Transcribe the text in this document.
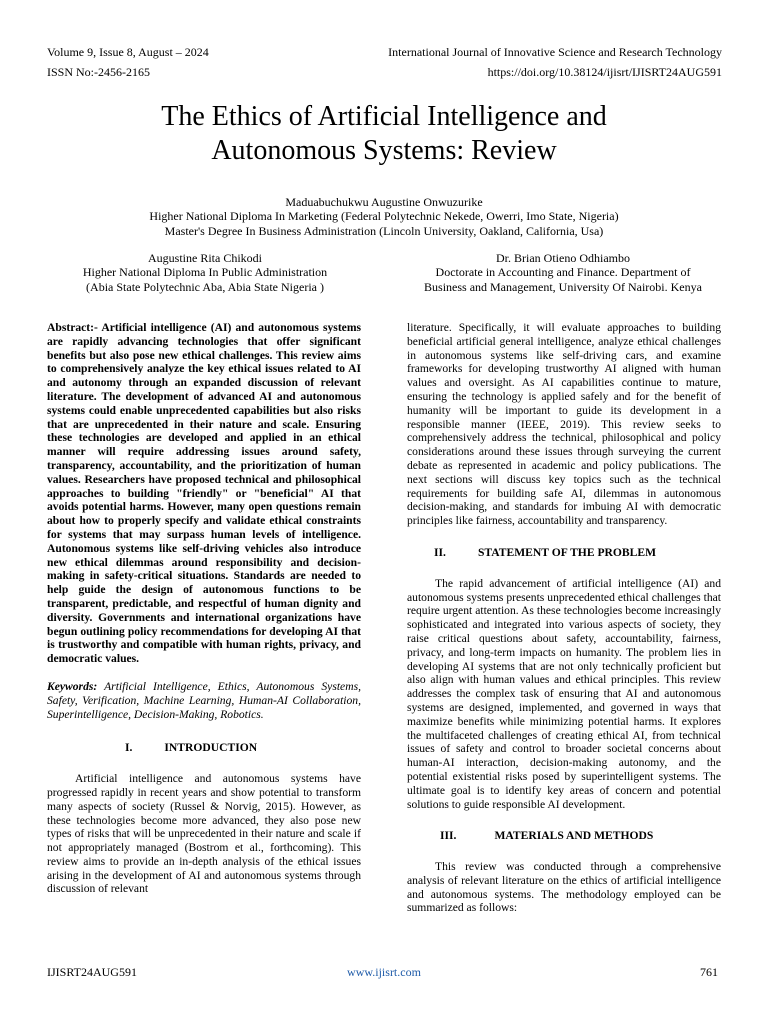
Volume 9, Issue 8, August – 2024	International Journal of Innovative Science and Research Technology
ISSN No:-2456-2165	https://doi.org/10.38124/ijisrt/IJISRT24AUG591
The Ethics of Artificial Intelligence and
Autonomous Systems: Review
Maduabuchukwu Augustine Onwuzurike
Higher National Diploma In Marketing (Federal Polytechnic Nekede, Owerri, Imo State, Nigeria)
Master's Degree In Business Administration (Lincoln University, Oakland, California, Usa)
Augustine Rita Chikodi
Higher National Diploma In Public Administration
(Abia State Polytechnic Aba, Abia State Nigeria )
Dr. Brian Otieno Odhiambo
Doctorate in Accounting and Finance. Department of
Business and Management, University Of Nairobi. Kenya

Abstract:- Artificial intelligence (AI) and autonomous systems are rapidly advancing technologies that offer significant benefits but also pose new ethical challenges. This review aims to comprehensively analyze the key ethical issues related to AI and autonomy through an expanded discussion of relevant literature. The development of advanced AI and autonomous systems could enable unprecedented capabilities but also risks that are unprecedented in their nature and scale. Ensuring these technologies are developed and applied in an ethical manner will require addressing issues around safety, transparency, accountability, and the prioritization of human values. Researchers have proposed technical and philosophical approaches to building "friendly" or "beneficial" AI that avoids potential harms. However, many open questions remain about how to properly specify and validate ethical constraints for systems that may surpass human levels of intelligence. Autonomous systems like self-driving vehicles also introduce new ethical dilemmas around responsibility and decision-making in safety-critical situations. Standards are needed to help guide the design of autonomous functions to be transparent, predictable, and respectful of human dignity and diversity. Governments and international organizations have begun outlining policy recommendations for developing AI that is trustworthy and compatible with human rights, privacy, and democratic values.

Keywords: Artificial Intelligence, Ethics, Autonomous Systems, Safety, Verification, Machine Learning, Human-AI Collaboration, Superintelligence, Decision-Making, Robotics.

I.	INTRODUCTION

Artificial intelligence and autonomous systems have progressed rapidly in recent years and show potential to transform many aspects of society (Russel & Norvig, 2015). However, as these technologies become more advanced, they also pose new types of risks that will be unprecedented in their nature and scale if not appropriately managed (Bostrom et al., forthcoming). This review aims to provide an in-depth analysis of the ethical issues arising in the development of AI and autonomous systems through discussion of relevant

literature. Specifically, it will evaluate approaches to building beneficial artificial general intelligence, analyze ethical challenges in autonomous systems like self-driving cars, and examine frameworks for developing trustworthy AI aligned with human values and oversight. As AI capabilities continue to mature, ensuring the technology is applied safely and for the benefit of humanity will be important to guide its development in a responsible manner (IEEE, 2019). This review seeks to comprehensively address the technical, philosophical and policy considerations around these issues through surveying the current debate as represented in academic and policy publications. The next sections will discuss key topics such as the technical requirements for building safe AI, dilemmas in autonomous decision-making, and standards for imbuing AI with democratic principles like fairness, accountability and transparency.

II.	STATEMENT OF THE PROBLEM

The rapid advancement of artificial intelligence (AI) and autonomous systems presents unprecedented ethical challenges that require urgent attention. As these technologies become increasingly sophisticated and integrated into various aspects of society, they raise critical questions about safety, accountability, fairness, privacy, and long-term impacts on humanity. The problem lies in developing AI systems that are not only technically proficient but also align with human values and ethical principles. This review addresses the complex task of ensuring that AI and autonomous systems are designed, implemented, and governed in ways that maximize benefits while minimizing potential harms. It explores the multifaceted challenges of creating ethical AI, from technical issues of safety and control to broader societal concerns about human-AI interaction, decision-making autonomy, and the potential existential risks posed by superintelligent systems. The ultimate goal is to identify key areas of concern and potential solutions to guide responsible AI development.

III.	MATERIALS AND METHODS

This review was conducted through a comprehensive analysis of relevant literature on the ethics of artificial intelligence and autonomous systems. The methodology employed can be summarized as follows:

IJISRT24AUG591	www.ijisrt.com	761
